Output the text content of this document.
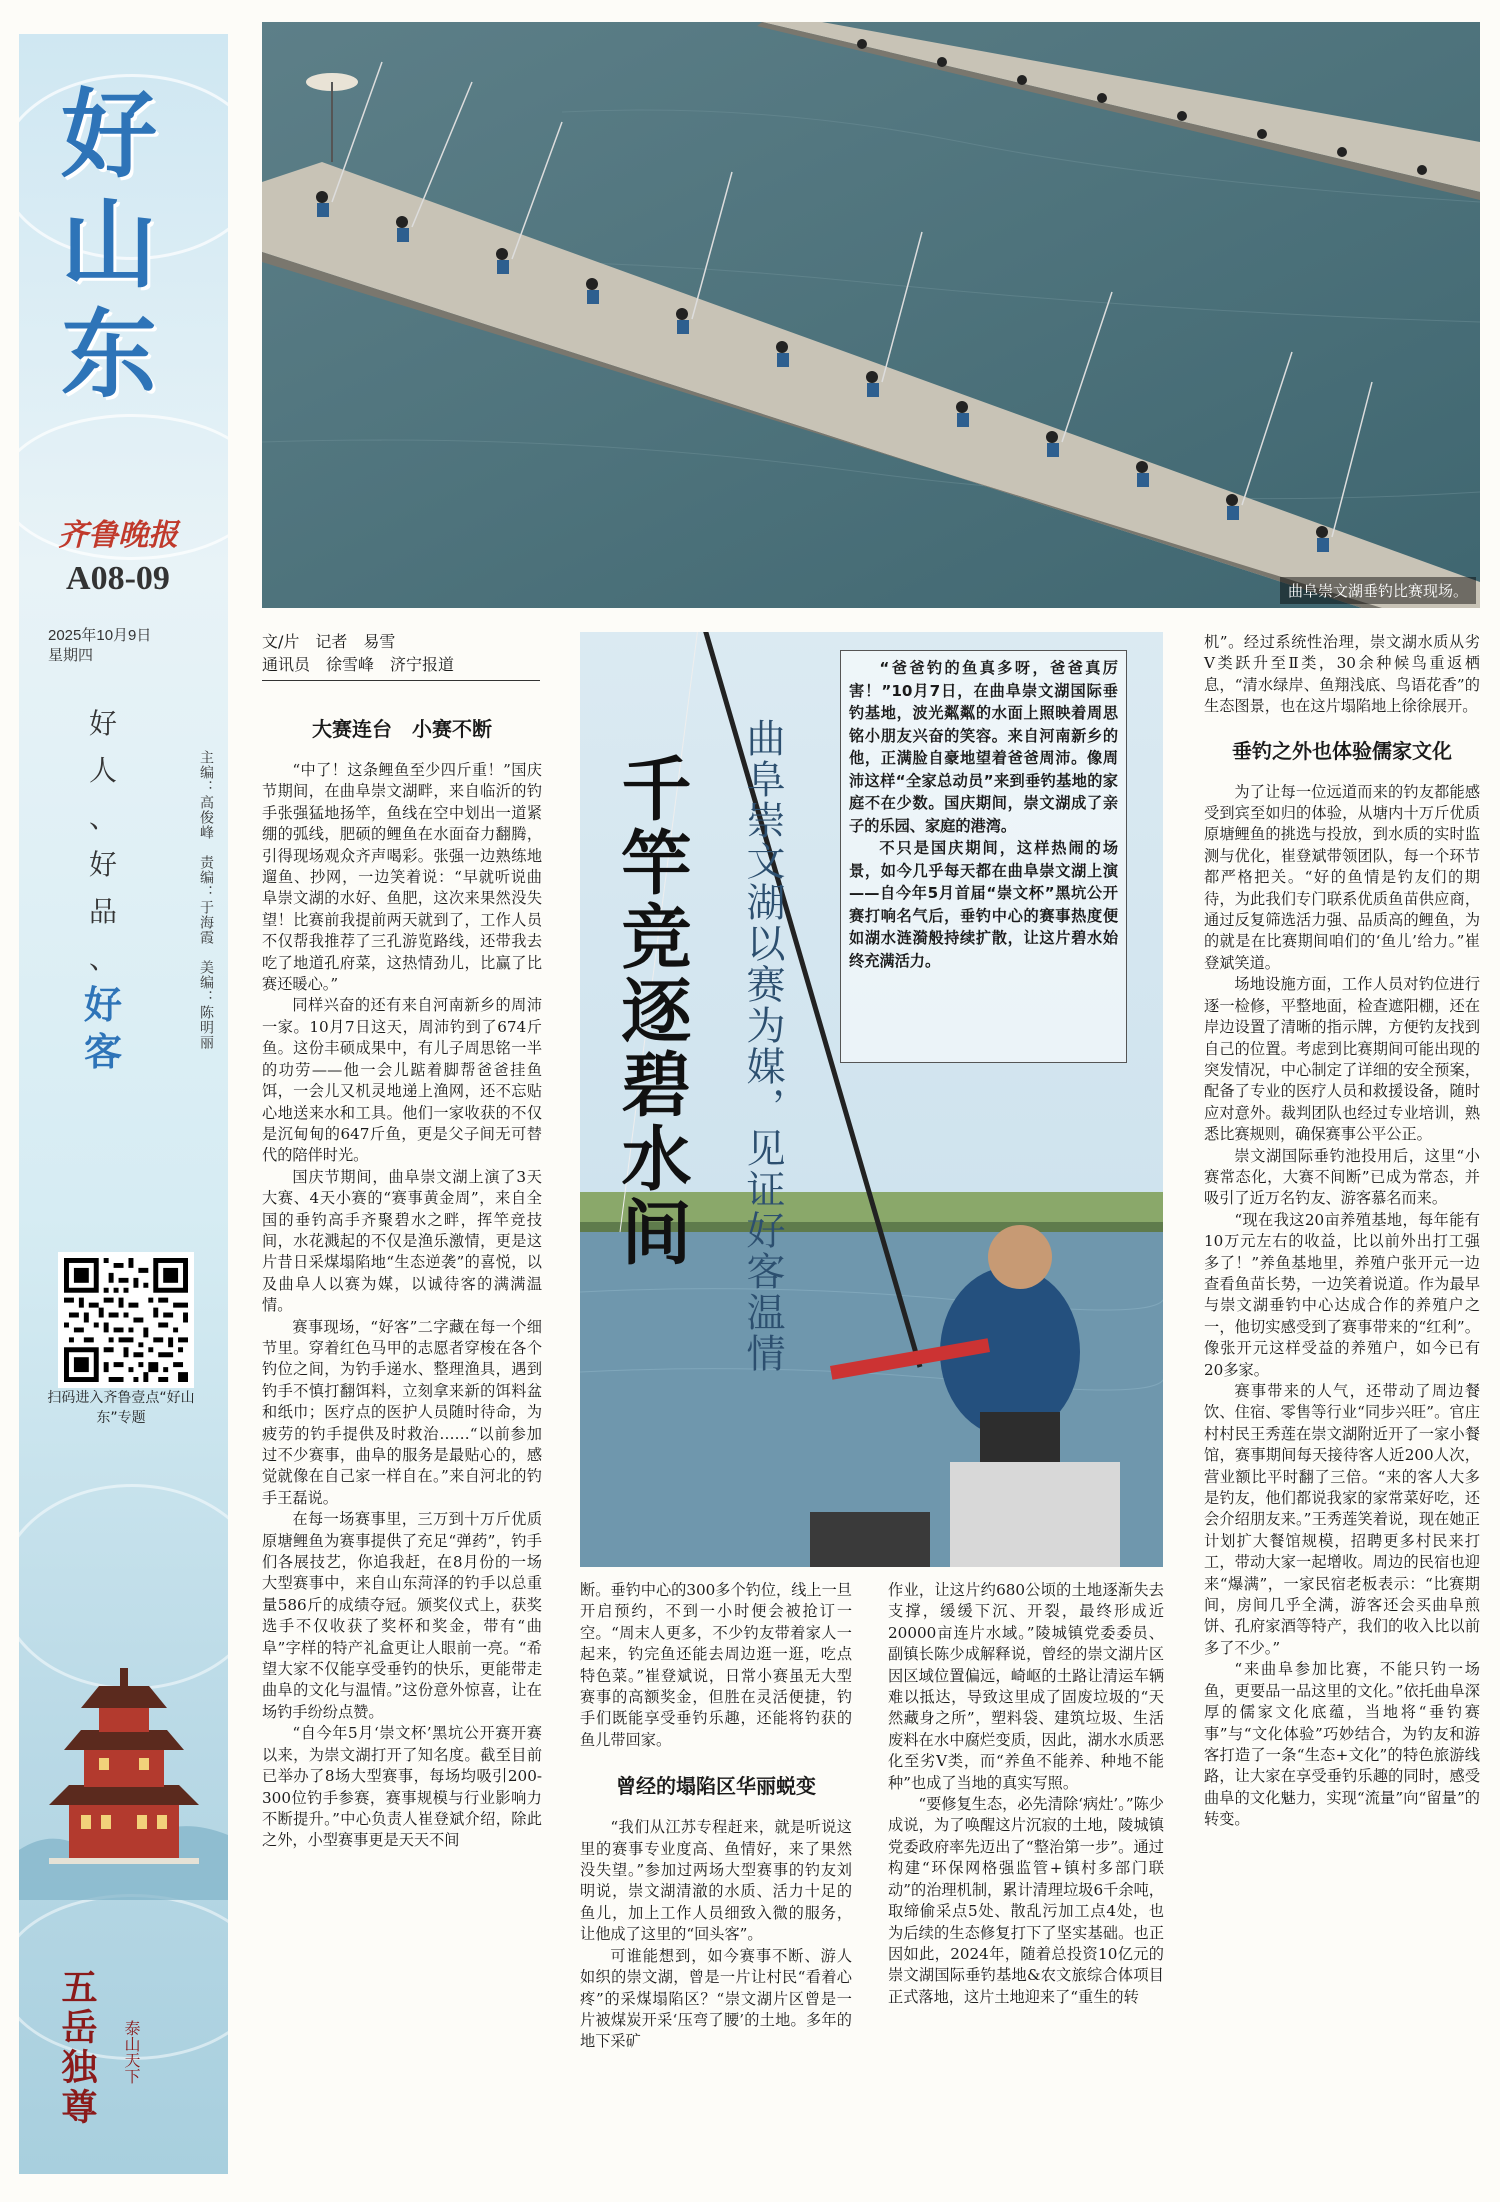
好山东
齐鲁晚报
A08-09
2025年10月9日
星期四
好
人
、
好
品
、
好
客
主编：高俊峰　责编：于海霞　美编：陈明丽
扫码进入齐鲁壹点“好山东”专题
五岳独尊	泰山天下
曲阜崇文湖垂钓比赛现场。
文/片　记者　易雪
通讯员　徐雪峰　济宁报道
大赛连台　小赛不断

“中了！这条鲤鱼至少四斤重！”国庆节期间，在曲阜崇文湖畔，来自临沂的钓手张强猛地扬竿，鱼线在空中划出一道紧绷的弧线，肥硕的鲤鱼在水面奋力翻腾，引得现场观众齐声喝彩。张强一边熟练地遛鱼、抄网，一边笑着说：“早就听说曲阜崇文湖的水好、鱼肥，这次来果然没失望！比赛前我提前两天就到了，工作人员不仅帮我推荐了三孔游览路线，还带我去吃了地道孔府菜，这热情劲儿，比赢了比赛还暖心。”

同样兴奋的还有来自河南新乡的周沛一家。10月7日这天，周沛钓到了674斤鱼。这份丰硕成果中，有儿子周思铭一半的功劳——他一会儿踮着脚帮爸爸挂鱼饵，一会儿又机灵地递上渔网，还不忘贴心地送来水和工具。他们一家收获的不仅是沉甸甸的647斤鱼，更是父子间无可替代的陪伴时光。

国庆节期间，曲阜崇文湖上演了3天大赛、4天小赛的“赛事黄金周”，来自全国的垂钓高手齐聚碧水之畔，挥竿竞技间，水花溅起的不仅是渔乐激情，更是这片昔日采煤塌陷地“生态逆袭”的喜悦，以及曲阜人以赛为媒，以诚待客的满满温情。

赛事现场，“好客”二字藏在每一个细节里。穿着红色马甲的志愿者穿梭在各个钓位之间，为钓手递水、整理渔具，遇到钓手不慎打翻饵料，立刻拿来新的饵料盆和纸巾；医疗点的医护人员随时待命，为疲劳的钓手提供及时救治……“以前参加过不少赛事，曲阜的服务是最贴心的，感觉就像在自己家一样自在。”来自河北的钓手王磊说。

在每一场赛事里，三万到十万斤优质原塘鲤鱼为赛事提供了充足“弹药”，钓手们各展技艺，你追我赶，在8月份的一场大型赛事中，来自山东菏泽的钓手以总重量586斤的成绩夺冠。颁奖仪式上，获奖选手不仅收获了奖杯和奖金，带有“曲阜”字样的特产礼盒更让人眼前一亮。“希望大家不仅能享受垂钓的快乐，更能带走曲阜的文化与温情。”这份意外惊喜，让在场钓手纷纷点赞。

“自今年5月‘崇文杯’黑坑公开赛开赛以来，为崇文湖打开了知名度。截至目前已举办了8场大型赛事，每场均吸引200-300位钓手参赛，赛事规模与行业影响力不断提升。”中心负责人崔登斌介绍，除此之外，小型赛事更是天天不间

千竿竞逐碧水间 曲阜崇文湖以赛为媒，见证好客温情

“爸爸钓的鱼真多呀，爸爸真厉害！”10月7日，在曲阜崇文湖国际垂钓基地，波光粼粼的水面上照映着周思铭小朋友兴奋的笑容。来自河南新乡的他，正满脸自豪地望着爸爸周沛。像周沛这样“全家总动员”来到垂钓基地的家庭不在少数。国庆期间，崇文湖成了亲子的乐园、家庭的港湾。

不只是国庆期间，这样热闹的场景，如今几乎每天都在曲阜崇文湖上演——自今年5月首届“崇文杯”黑坑公开赛打响名气后，垂钓中心的赛事热度便如湖水涟漪般持续扩散，让这片碧水始终充满活力。

断。垂钓中心的300多个钓位，线上一旦开启预约，不到一小时便会被抢订一空。“周末人更多，不少钓友带着家人一起来，钓完鱼还能去周边逛一逛，吃点特色菜。”崔登斌说，日常小赛虽无大型赛事的高额奖金，但胜在灵活便捷，钓手们既能享受垂钓乐趣，还能将钓获的鱼儿带回家。

曾经的塌陷区华丽蜕变

“我们从江苏专程赶来，就是听说这里的赛事专业度高、鱼情好，来了果然没失望。”参加过两场大型赛事的钓友刘明说，崇文湖清澈的水质、活力十足的鱼儿，加上工作人员细致入微的服务，让他成了这里的“回头客”。

可谁能想到，如今赛事不断、游人如织的崇文湖，曾是一片让村民“看着心疼”的采煤塌陷区？“崇文湖片区曾是一片被煤炭开采‘压弯了腰’的土地。多年的地下采矿

作业，让这片约680公顷的土地逐渐失去支撑，缓缓下沉、开裂，最终形成近20000亩连片水域。”陵城镇党委委员、副镇长陈少成解释说，曾经的崇文湖片区因区域位置偏远，崎岖的土路让清运车辆难以抵达，导致这里成了固废垃圾的“天然藏身之所”，塑料袋、建筑垃圾、生活废料在水中腐烂变质，因此，湖水水质恶化至劣Ⅴ类，而“养鱼不能养、种地不能种”也成了当地的真实写照。

“要修复生态，必先清除‘病灶’。”陈少成说，为了唤醒这片沉寂的土地，陵城镇党委政府率先迈出了“整治第一步”。通过构建“环保网格强监管+镇村多部门联动”的治理机制，累计清理垃圾6千余吨，取缔偷采点5处、散乱污加工点4处，也为后续的生态修复打下了坚实基础。也正因如此，2024年，随着总投资10亿元的崇文湖国际垂钓基地&农文旅综合体项目正式落地，这片土地迎来了“重生的转

机”。经过系统性治理，崇文湖水质从劣Ⅴ类跃升至Ⅱ类，30余种候鸟重返栖息，“清水绿岸、鱼翔浅底、鸟语花香”的生态图景，也在这片塌陷地上徐徐展开。

垂钓之外也体验儒家文化

为了让每一位远道而来的钓友都能感受到宾至如归的体验，从塘内十万斤优质原塘鲤鱼的挑选与投放，到水质的实时监测与优化，崔登斌带领团队，每一个环节都严格把关。“好的鱼情是钓友们的期待，为此我们专门联系优质鱼苗供应商，通过反复筛选活力强、品质高的鲤鱼，为的就是在比赛期间咱们的‘鱼儿’给力。”崔登斌笑道。

场地设施方面，工作人员对钓位进行逐一检修，平整地面，检查遮阳棚，还在岸边设置了清晰的指示牌，方便钓友找到自己的位置。考虑到比赛期间可能出现的突发情况，中心制定了详细的安全预案，配备了专业的医疗人员和救援设备，随时应对意外。裁判团队也经过专业培训，熟悉比赛规则，确保赛事公平公正。

崇文湖国际垂钓池投用后，这里“小赛常态化，大赛不间断”已成为常态，并吸引了近万名钓友、游客慕名而来。

“现在我这20亩养殖基地，每年能有10万元左右的收益，比以前外出打工强多了！”养鱼基地里，养殖户张开元一边查看鱼苗长势，一边笑着说道。作为最早与崇文湖垂钓中心达成合作的养殖户之一，他切实感受到了赛事带来的“红利”。像张开元这样受益的养殖户，如今已有20多家。

赛事带来的人气，还带动了周边餐饮、住宿、零售等行业“同步兴旺”。官庄村村民王秀莲在崇文湖附近开了一家小餐馆，赛事期间每天接待客人近200人次，营业额比平时翻了三倍。“来的客人大多是钓友，他们都说我家的家常菜好吃，还会介绍朋友来。”王秀莲笑着说，现在她正计划扩大餐馆规模，招聘更多村民来打工，带动大家一起增收。周边的民宿也迎来“爆满”，一家民宿老板表示：“比赛期间，房间几乎全满，游客还会买曲阜煎饼、孔府家酒等特产，我们的收入比以前多了不少。”

“来曲阜参加比赛，不能只钓一场鱼，更要品一品这里的文化。”依托曲阜深厚的儒家文化底蕴，当地将“垂钓赛事”与“文化体验”巧妙结合，为钓友和游客打造了一条“生态+文化”的特色旅游线路，让大家在享受垂钓乐趣的同时，感受曲阜的文化魅力，实现“流量”向“留量”的转变。
